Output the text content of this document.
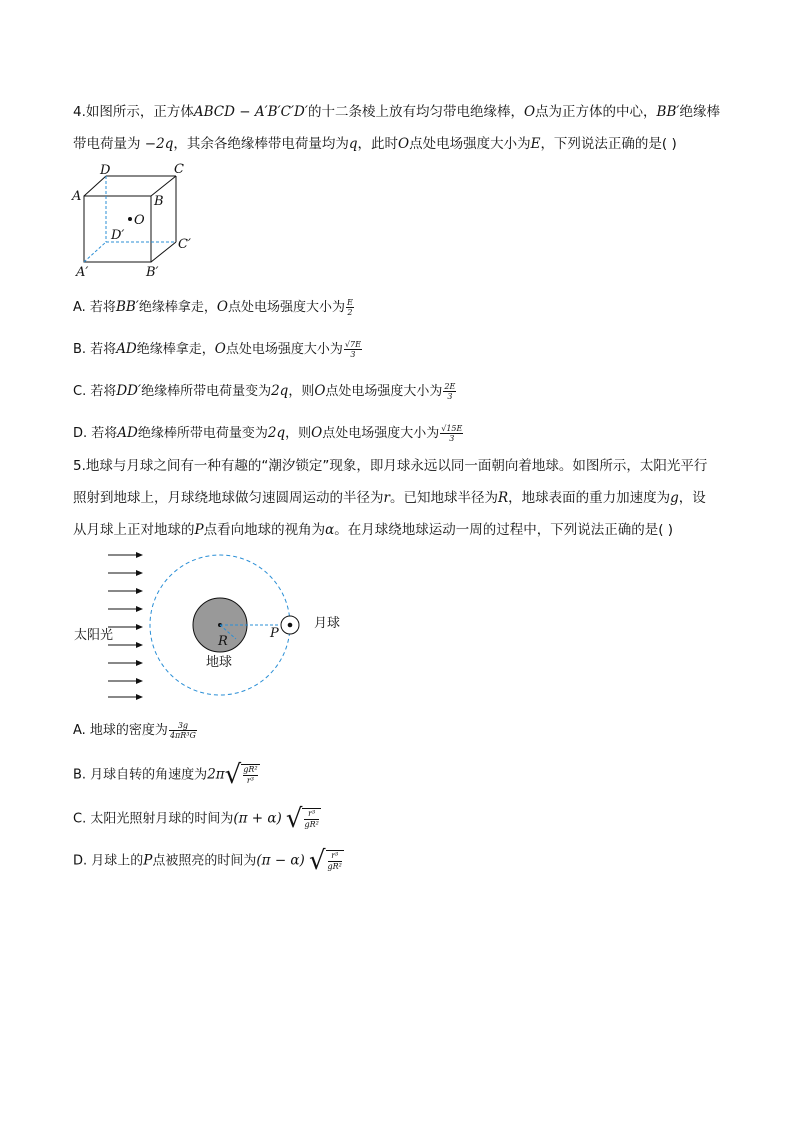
4.如图所示，正方体ABCD − A′B′C′D′的十二条棱上放有均匀带电绝缘棒，O点为正方体的中心，BB′绝缘棒
带电荷量为 −2q，其余各绝缘棒带电荷量均为q，此时O点处电场强度大小为E，下列说法正确的是( )
D	C
A	B
O
D′
C′
A′	B′
A. 若将BB′绝缘棒拿走，O点处电场强度大小为 $\frac{E}{2}$
B. 若将AD绝缘棒拿走，O点处电场强度大小为 $\frac{√7E}{3}$
C. 若将DD′绝缘棒所带电荷量变为2q，则O点处电场强度大小为 $\frac{2E}{3}$
D. 若将AD绝缘棒所带电荷量变为2q，则O点处电场强度大小为 $\frac{√15E}{3}$
5.地球与月球之间有一种有趣的“潮汐锁定”现象，即月球永远以同一面朝向着地球。如图所示，太阳光平行
照射到地球上，月球绕地球做匀速圆周运动的半径为r。已知地球半径为R，地球表面的重力加速度为g，设
从月球上正对地球的P点看向地球的视角为α。在月球绕地球运动一周的过程中，下列说法正确的是( )
R
P
太阳光
地球
月球
A. 地球的密度为 $\frac{3g}{\text{4πR³G}}$
B. 月球自转的角速度为$2\pi√ \frac{\text{gR²}}{\text{r³}}$
C. 太阳光照射月球的时间为(π + α) √ $\frac{\text{r³}}{\text{gR²}}$
D. 月球上的P点被照亮的时间为(π − α) √ $\frac{\text{r³}}{\text{gR²}}$
